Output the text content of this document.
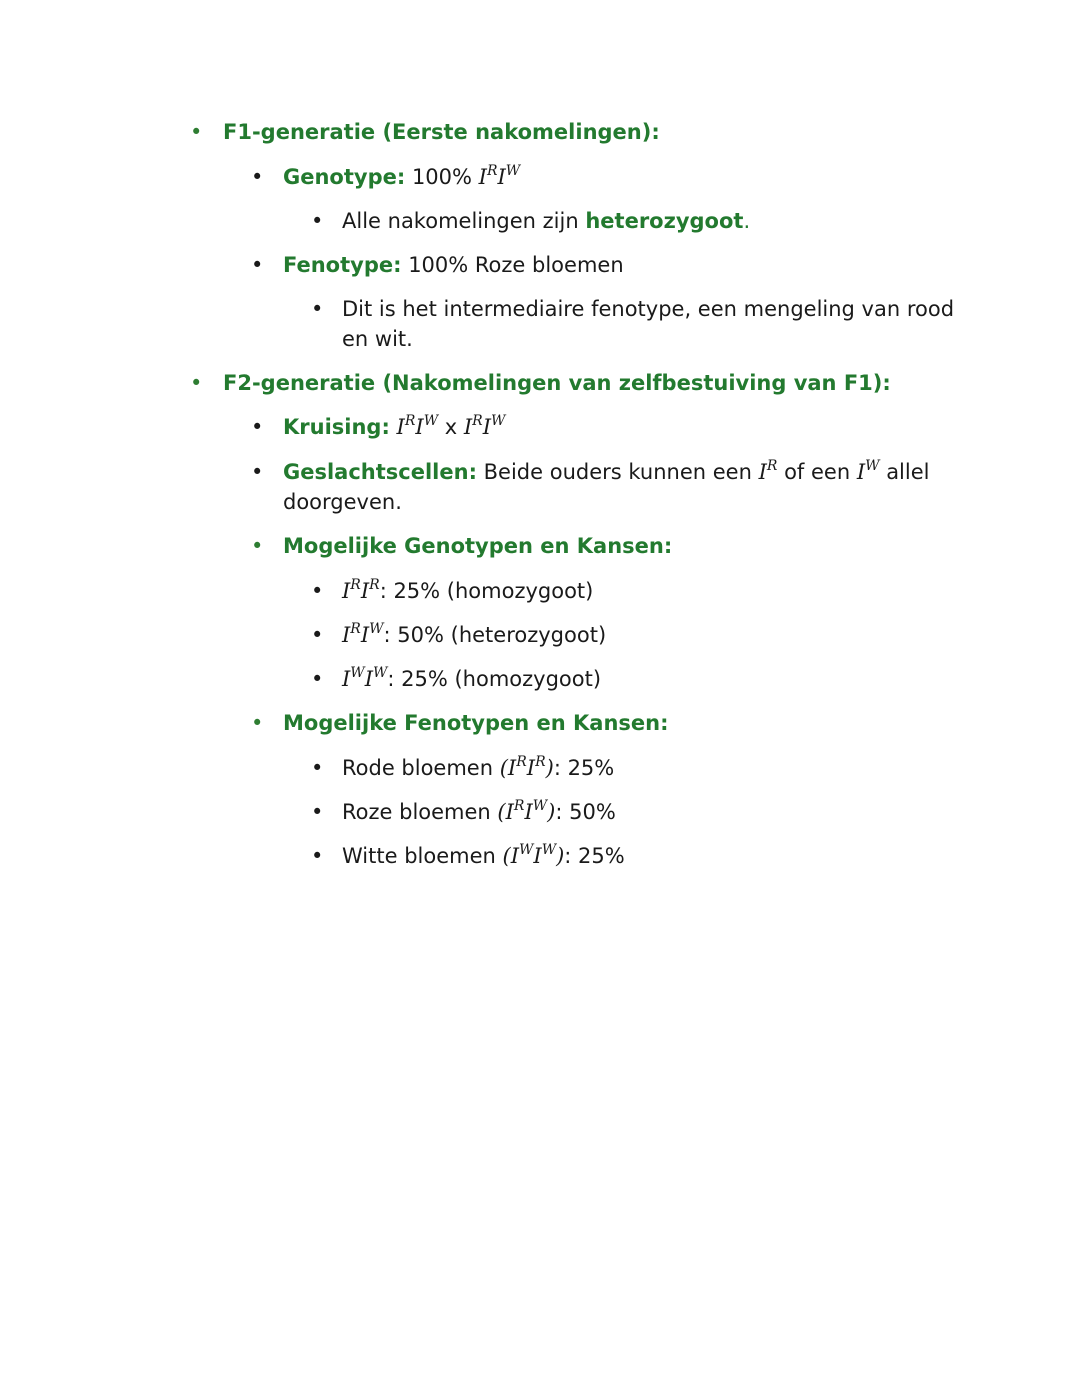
• F1-generatie (Eerste nakomelingen):
• Genotype: 100% $I^RI^W$
• Alle nakomelingen zijn heterozygoot.
• Fenotype: 100% Roze bloemen
• Dit is het intermediaire fenotype, een mengeling van rood
en wit.
• F2-generatie (Nakomelingen van zelfbestuiving van F1):
• Kruising: $I^RI^W$ x $I^RI^W$
• Geslachtscellen: Beide ouders kunnen een $I^R$ of een $I^W$ allel
doorgeven.
• Mogelijke Genotypen en Kansen:
• $I^RI^R$: 25% (homozygoot)
• $I^RI^W$: 50% (heterozygoot)
• $I^WI^W$: 25% (homozygoot)
• Mogelijke Fenotypen en Kansen:
• Rode bloemen $(I^RI^R)$: 25%
• Roze bloemen $(I^RI^W)$: 50%
• Witte bloemen $(I^WI^W)$: 25%
